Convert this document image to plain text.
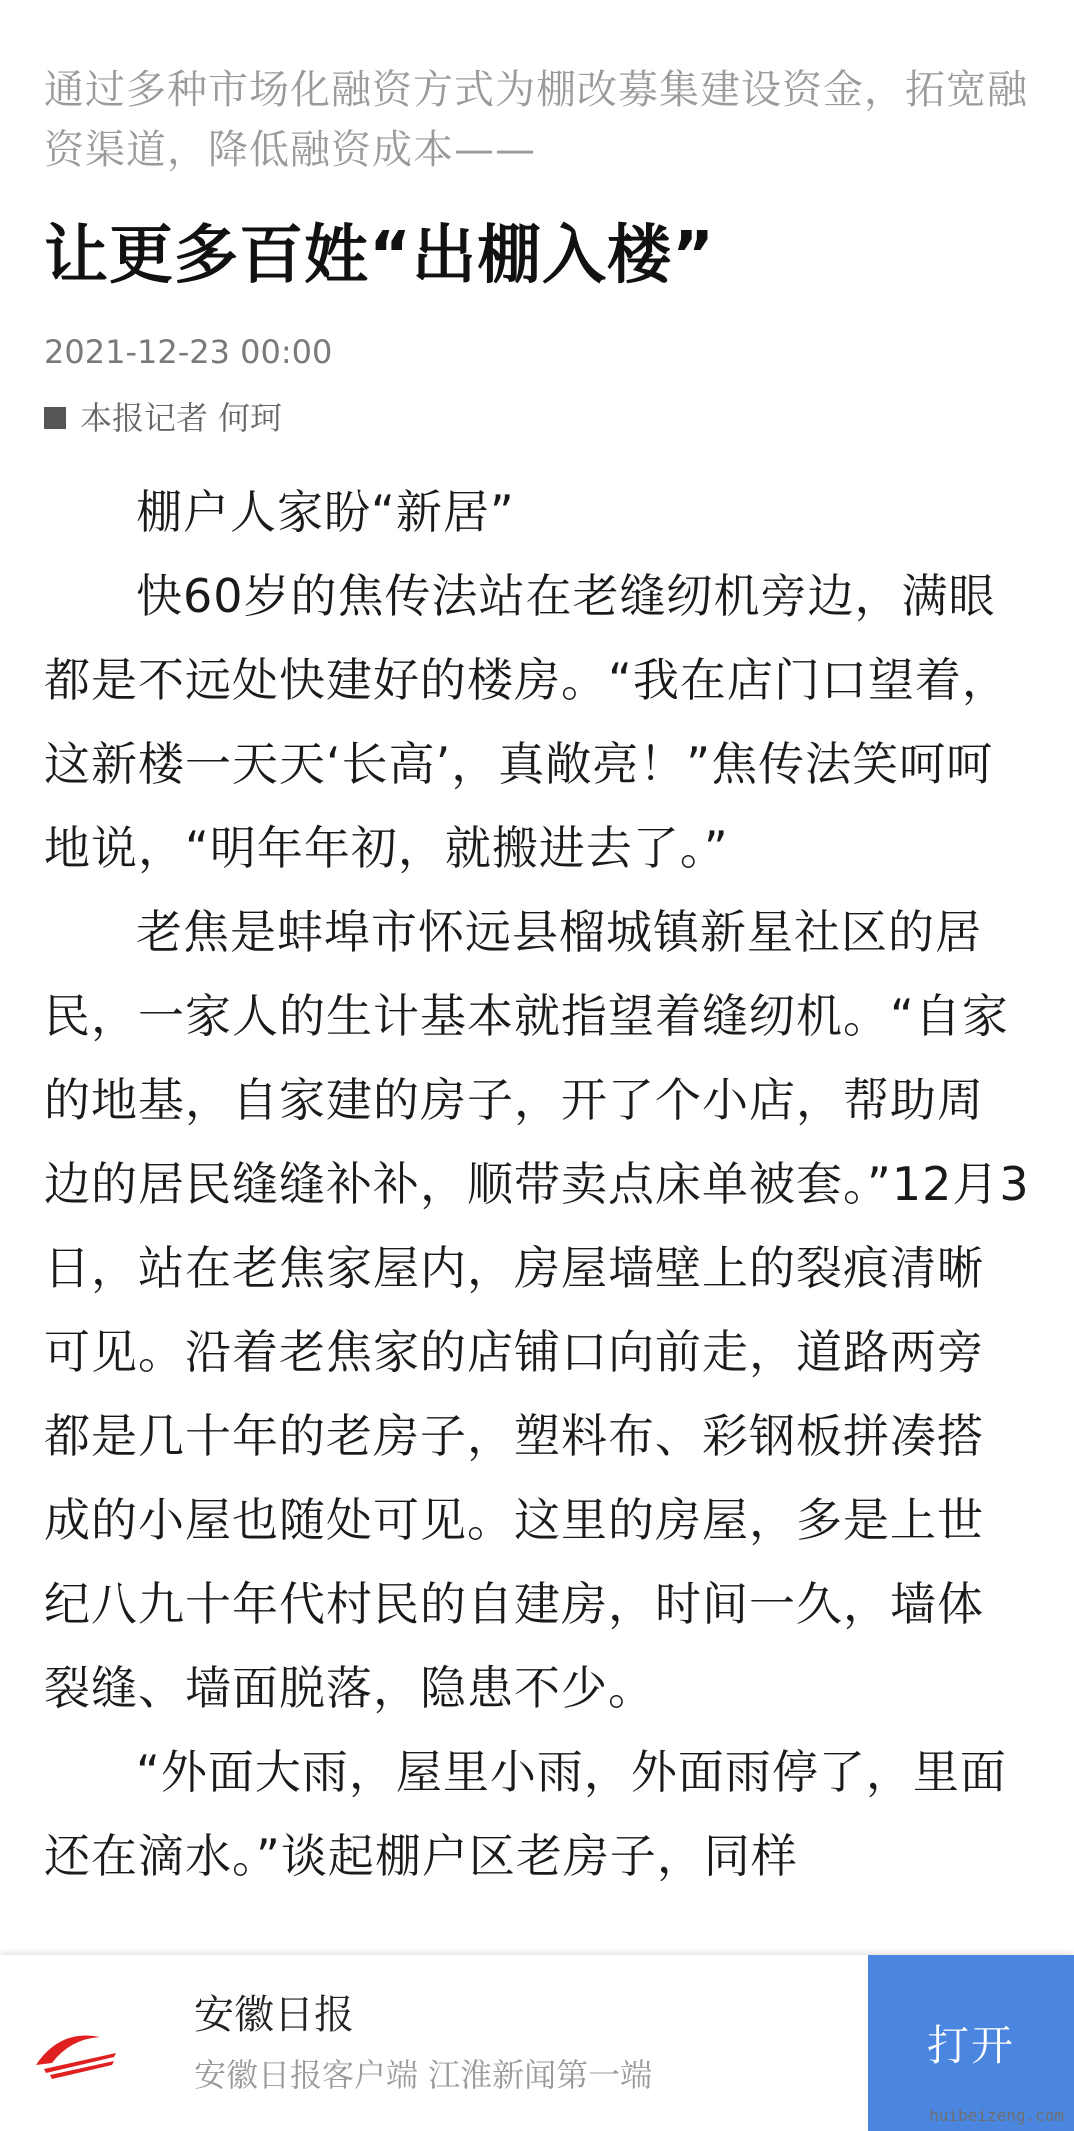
通过多种市场化融资方式为棚改募集建设资金，拓宽融资渠道，降低融资成本——
让更多百姓“出棚入楼”
2021-12-23 00:00
本报记者 何珂

棚户人家盼“新居”

快60岁的焦传法站在老缝纫机旁边，满眼都是不远处快建好的楼房。“我在店门口望着，这新楼一天天‘长高’，真敞亮！”焦传法笑呵呵地说，“明年年初，就搬进去了。”

老焦是蚌埠市怀远县榴城镇新星社区的居民，一家人的生计基本就指望着缝纫机。“自家的地基，自家建的房子，开了个小店，帮助周边的居民缝缝补补，顺带卖点床单被套。”12月3日，站在老焦家屋内，房屋墙壁上的裂痕清晰可见。沿着老焦家的店铺口向前走，道路两旁都是几十年的老房子，塑料布、彩钢板拼凑搭成的小屋也随处可见。这里的房屋，多是上世纪八九十年代村民的自建房，时间一久，墙体裂缝、墙面脱落，隐患不少。

“外面大雨，屋里小雨，外面雨停了，里面还在滴水。”谈起棚户区老房子，同样

安徽日报
安徽日报客户端 江淮新闻第一端
打开
huibeizeng.com
